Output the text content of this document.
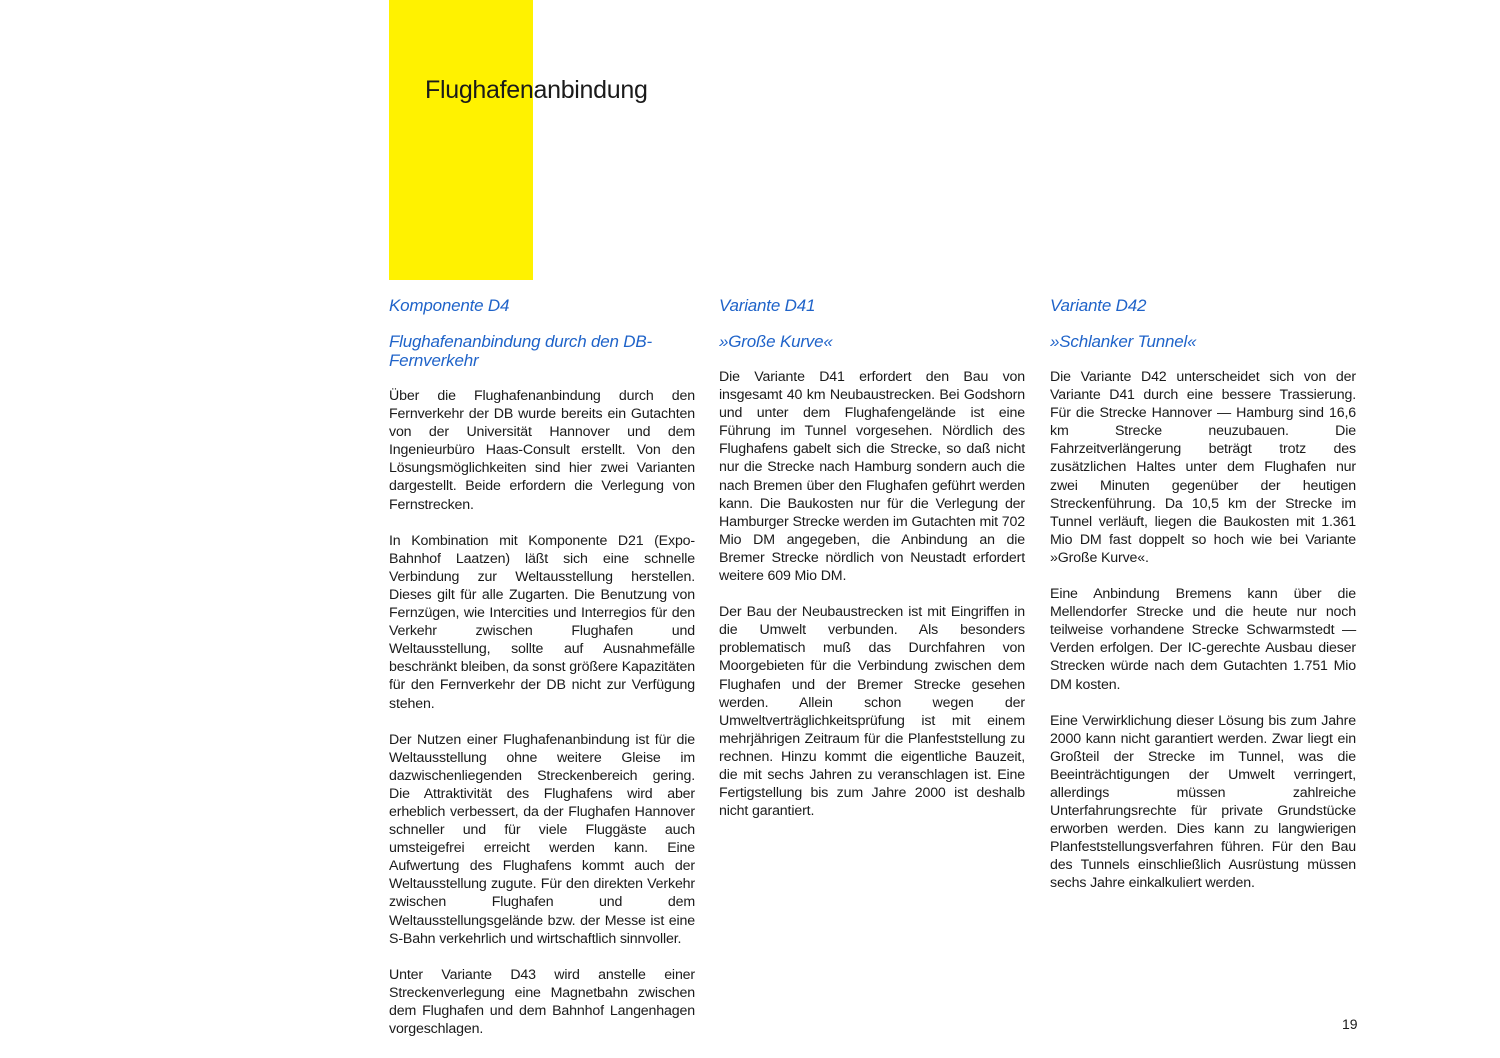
Flughafenanbindung
Komponente D4
Flughafenanbindung durch den DB-Fernverkehr

Über die Flughafenanbindung durch den Fernverkehr der DB wurde bereits ein Gutachten von der Universität Hannover und dem Ingenieurbüro Haas-Consult erstellt. Von den Lösungsmöglichkeiten sind hier zwei Varianten dargestellt. Beide erfordern die Verlegung von Fernstrecken.

In Kombination mit Komponente D21 (Expo-Bahnhof Laatzen) läßt sich eine schnelle Verbindung zur Weltausstellung herstellen. Dieses gilt für alle Zugarten. Die Benutzung von Fernzügen, wie Intercities und Interregios für den Verkehr zwischen Flughafen und Weltausstellung, sollte auf Ausnahmefälle beschränkt bleiben, da sonst größere Kapazitäten für den Fernverkehr der DB nicht zur Verfügung stehen.

Der Nutzen einer Flughafenanbindung ist für die Weltausstellung ohne weitere Gleise im dazwischenliegenden Streckenbereich gering. Die Attraktivität des Flughafens wird aber erheblich verbessert, da der Flughafen Hannover schneller und für viele Fluggäste auch umsteigefrei erreicht werden kann. Eine Aufwertung des Flughafens kommt auch der Weltausstellung zugute. Für den direkten Verkehr zwischen Flughafen und dem Weltausstellungsgelände bzw. der Messe ist eine S-Bahn verkehrlich und wirtschaftlich sinnvoller.

Unter Variante D43 wird anstelle einer Streckenverlegung eine Magnetbahn zwischen dem Flughafen und dem Bahnhof Langenhagen vorgeschlagen.

Variante D41
»Große Kurve«

Die Variante D41 erfordert den Bau von insgesamt 40 km Neubaustrecken. Bei Godshorn und unter dem Flughafengelände ist eine Führung im Tunnel vorgesehen. Nördlich des Flughafens gabelt sich die Strecke, so daß nicht nur die Strecke nach Hamburg sondern auch die nach Bremen über den Flughafen geführt werden kann. Die Baukosten nur für die Verlegung der Hamburger Strecke werden im Gutachten mit 702 Mio DM angegeben, die Anbindung an die Bremer Strecke nördlich von Neustadt erfordert weitere 609 Mio DM.

Der Bau der Neubaustrecken ist mit Eingriffen in die Umwelt verbunden. Als besonders problematisch muß das Durchfahren von Moorgebieten für die Verbindung zwischen dem Flughafen und der Bremer Strecke gesehen werden. Allein schon wegen der Umweltverträglichkeitsprüfung ist mit einem mehrjährigen Zeitraum für die Planfeststellung zu rechnen. Hinzu kommt die eigentliche Bauzeit, die mit sechs Jahren zu veranschlagen ist. Eine Fertigstellung bis zum Jahre 2000 ist deshalb nicht garantiert.

Variante D42
»Schlanker Tunnel«

Die Variante D42 unterscheidet sich von der Variante D41 durch eine bessere Trassierung. Für die Strecke Hannover — Hamburg sind 16,6 km Strecke neuzubauen. Die Fahrzeitverlängerung beträgt trotz des zusätzlichen Haltes unter dem Flughafen nur zwei Minuten gegenüber der heutigen Streckenführung. Da 10,5 km der Strecke im Tunnel verläuft, liegen die Baukosten mit 1.361 Mio DM fast doppelt so hoch wie bei Variante »Große Kurve«.

Eine Anbindung Bremens kann über die Mellendorfer Strecke und die heute nur noch teilweise vorhandene Strecke Schwarmstedt — Verden erfolgen. Der IC-gerechte Ausbau dieser Strecken würde nach dem Gutachten 1.751 Mio DM kosten.

Eine Verwirklichung dieser Lösung bis zum Jahre 2000 kann nicht garantiert werden. Zwar liegt ein Großteil der Strecke im Tunnel, was die Beeinträchtigungen der Umwelt verringert, allerdings müssen zahlreiche Unterfahrungsrechte für private Grundstücke erworben werden. Dies kann zu langwierigen Planfeststellungsverfahren führen. Für den Bau des Tunnels einschließlich Ausrüstung müssen sechs Jahre einkalkuliert werden.

19
